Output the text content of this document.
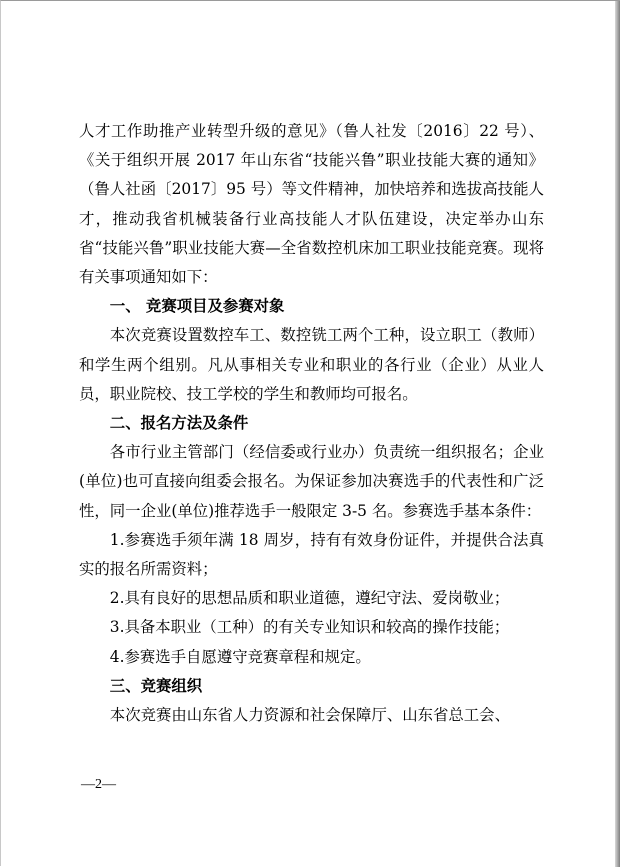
人才工作助推产业转型升级的意见》（鲁人社发〔2016〕22 号）、《关于组织开展 2017 年山东省“技能兴鲁”职业技能大赛的通知》（鲁人社函〔2017〕95 号）等文件精神，加快培养和选拔高技能人才，推动我省机械装备行业高技能人才队伍建设，决定举办山东省“技能兴鲁”职业技能大赛—全省数控机床加工职业技能竞赛。现将有关事项通知如下：

一、 竞赛项目及参赛对象

本次竞赛设置数控车工、数控铣工两个工种，设立职工（教师）和学生两个组别。凡从事相关专业和职业的各行业（企业）从业人员，职业院校、技工学校的学生和教师均可报名。

二、报名方法及条件

各市行业主管部门（经信委或行业办）负责统一组织报名；企业(单位)也可直接向组委会报名。为保证参加决赛选手的代表性和广泛性，同一企业(单位)推荐选手一般限定 3-5 名。参赛选手基本条件：

1.参赛选手须年满 18 周岁，持有有效身份证件，并提供合法真实的报名所需资料；

2.具有良好的思想品质和职业道德，遵纪守法、爱岗敬业；

3.具备本职业（工种）的有关专业知识和较高的操作技能；

4.参赛选手自愿遵守竞赛章程和规定。

三、竞赛组织

本次竞赛由山东省人力资源和社会保障厅、山东省总工会、

—2—
